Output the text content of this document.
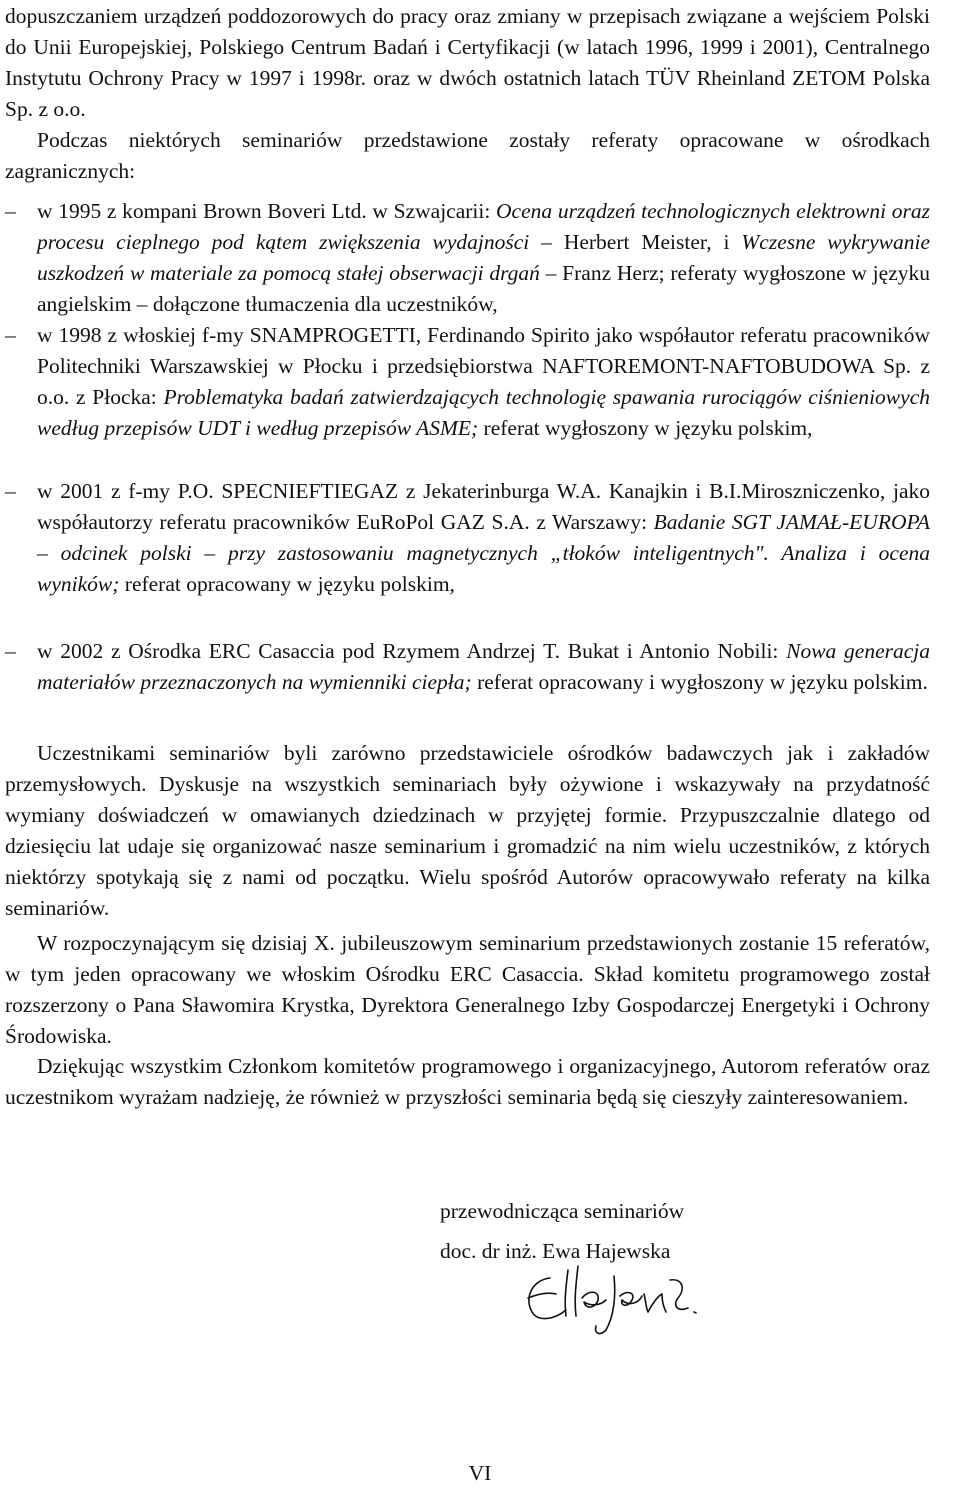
dopuszczaniem urządzeń poddozorowych do pracy oraz zmiany w przepisach związane a wejściem Polski do Unii Europejskiej, Polskiego Centrum Badań i Certyfikacji (w latach 1996, 1999 i 2001), Centralnego Instytutu Ochrony Pracy w 1997 i 1998r. oraz w dwóch ostatnich latach TÜV Rheinland ZETOM Polska Sp. z o.o.

Podczas niektórych seminariów przedstawione zostały referaty opracowane w ośrodkach zagranicznych:

– w 1995 z kompani Brown Boveri Ltd. w Szwajcarii: Ocena urządzeń technologicznych elektrowni oraz procesu cieplnego pod kątem zwiększenia wydajności – Herbert Meister, i Wczesne wykrywanie uszkodzeń w materiale za pomocą stałej obserwacji drgań – Franz Herz; referaty wygłoszone w języku angielskim – dołączone tłumaczenia dla uczestników,

– w 1998 z włoskiej f-my SNAMPROGETTI, Ferdinando Spirito jako współautor referatu pracowników Politechniki Warszawskiej w Płocku i przedsiębiorstwa NAFTOREMONT-NAFTOBUDOWA Sp. z o.o. z Płocka: Problematyka badań zatwierdzających technologię spawania rurociągów ciśnieniowych według przepisów UDT i według przepisów ASME; referat wygłoszony w języku polskim,

– w 2001 z f-my P.O. SPECNIEFTIEGAZ z Jekaterinburga W.A. Kanajkin i B.I.Miroszniczenko, jako współautorzy referatu pracowników EuRoPol GAZ S.A. z Warszawy: Badanie SGT JAMAŁ-EUROPA – odcinek polski – przy zastosowaniu magnetycznych „tłoków inteligentnych". Analiza i ocena wyników; referat opracowany w języku polskim,

– w 2002 z Ośrodka ERC Casaccia pod Rzymem Andrzej T. Bukat i Antonio Nobili: Nowa generacja materiałów przeznaczonych na wymienniki ciepła; referat opracowany i wygłoszony w języku polskim.

Uczestnikami seminariów byli zarówno przedstawiciele ośrodków badawczych jak i zakładów przemysłowych. Dyskusje na wszystkich seminariach były ożywione i wskazywały na przydatność wymiany doświadczeń w omawianych dziedzinach w przyjętej formie. Przypuszczalnie dlatego od dziesięciu lat udaje się organizować nasze seminarium i gromadzić na nim wielu uczestników, z których niektórzy spotykają się z nami od początku. Wielu spośród Autorów opracowywało referaty na kilka seminariów.

W rozpoczynającym się dzisiaj X. jubileuszowym seminarium przedstawionych zostanie 15 referatów, w tym jeden opracowany we włoskim Ośrodku ERC Casaccia. Skład komitetu programowego został rozszerzony o Pana Sławomira Krystka, Dyrektora Generalnego Izby Gospodarczej Energetyki i Ochrony Środowiska.

Dziękując wszystkim Członkom komitetów programowego i organizacyjnego, Autorom referatów oraz uczestnikom wyrażam nadzieję, że również w przyszłości seminaria będą się cieszyły zainteresowaniem.

przewodnicząca seminariów

doc. dr inż. Ewa Hajewska

VI
